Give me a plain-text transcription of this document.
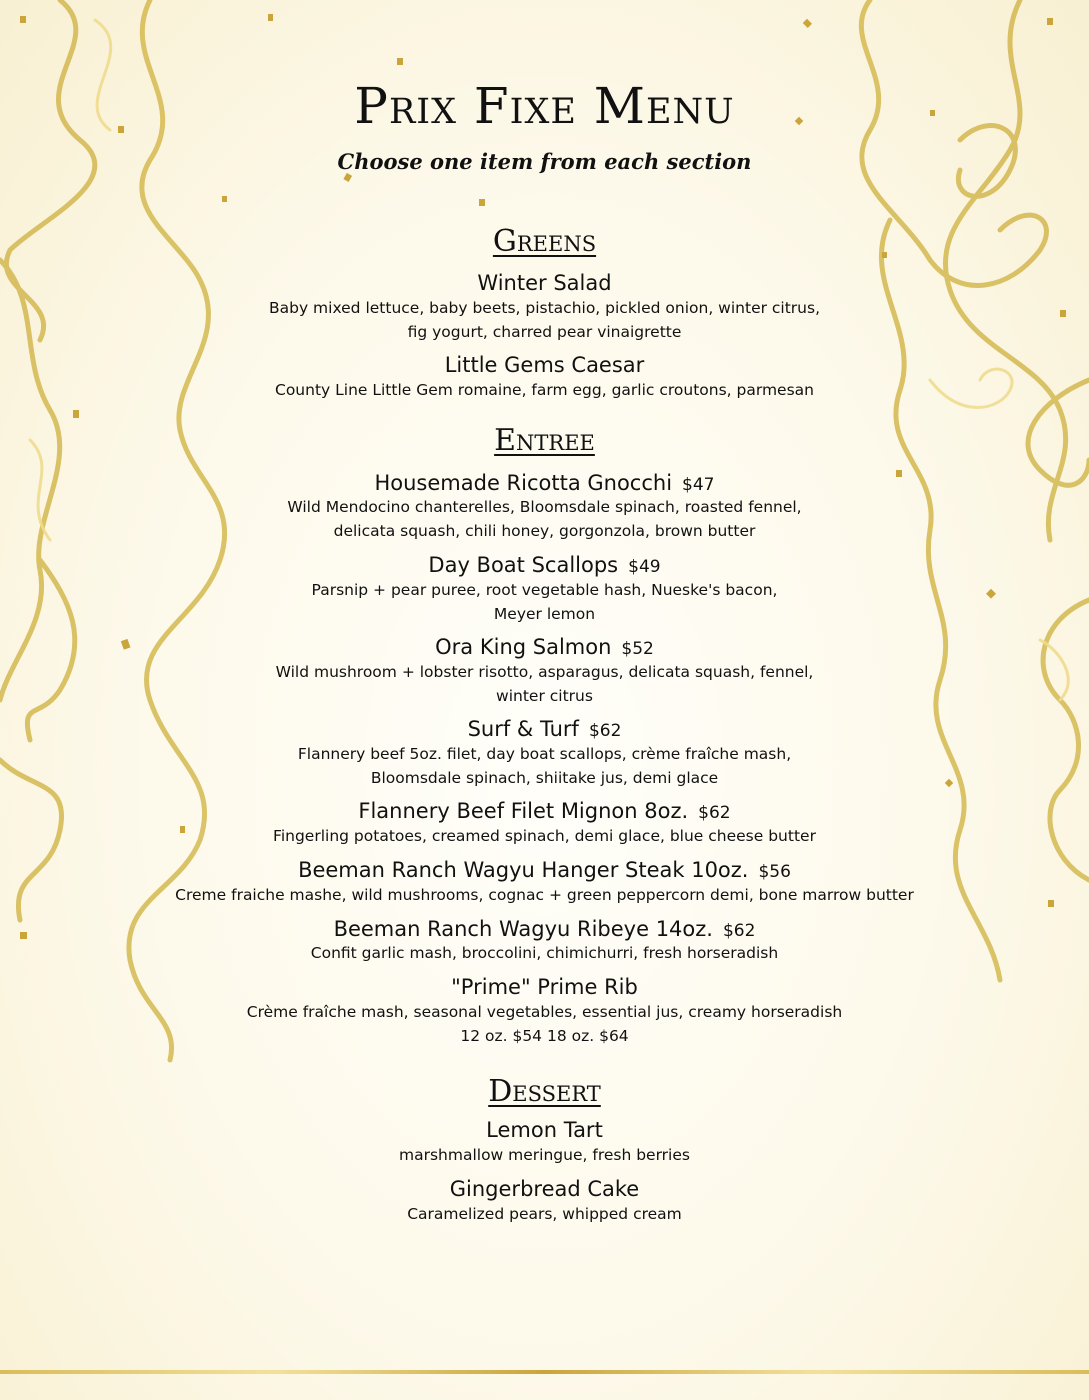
Prix Fixe Menu
Choose one item from each section
Greens
Winter Salad
Baby mixed lettuce, baby beets, pistachio, pickled onion, winter citrus,
fig yogurt, charred pear vinaigrette
Little Gems Caesar
County Line Little Gem romaine, farm egg, garlic croutons, parmesan
Entree
Housemade Ricotta Gnocchi $47
Wild Mendocino chanterelles, Bloomsdale spinach, roasted fennel,
delicata squash, chili honey, gorgonzola, brown butter
Day Boat Scallops $49
Parsnip + pear puree, root vegetable hash, Nueske's bacon,
Meyer lemon
Ora King Salmon $52
Wild mushroom + lobster risotto, asparagus, delicata squash, fennel,
winter citrus
Surf & Turf $62
Flannery beef 5oz. filet, day boat scallops, crème fraîche mash,
Bloomsdale spinach, shiitake jus, demi glace
Flannery Beef Filet Mignon 8oz. $62
Fingerling potatoes, creamed spinach, demi glace, blue cheese butter
Beeman Ranch Wagyu Hanger Steak 10oz. $56
Creme fraiche mashe, wild mushrooms, cognac + green peppercorn demi, bone marrow butter
Beeman Ranch Wagyu Ribeye 14oz. $62
Confit garlic mash, broccolini, chimichurri, fresh horseradish
"Prime" Prime Rib
Crème fraîche mash, seasonal vegetables, essential jus, creamy horseradish
12 oz. $54 18 oz. $64
Dessert
Lemon Tart
marshmallow meringue, fresh berries
Gingerbread Cake
Caramelized pears, whipped cream
